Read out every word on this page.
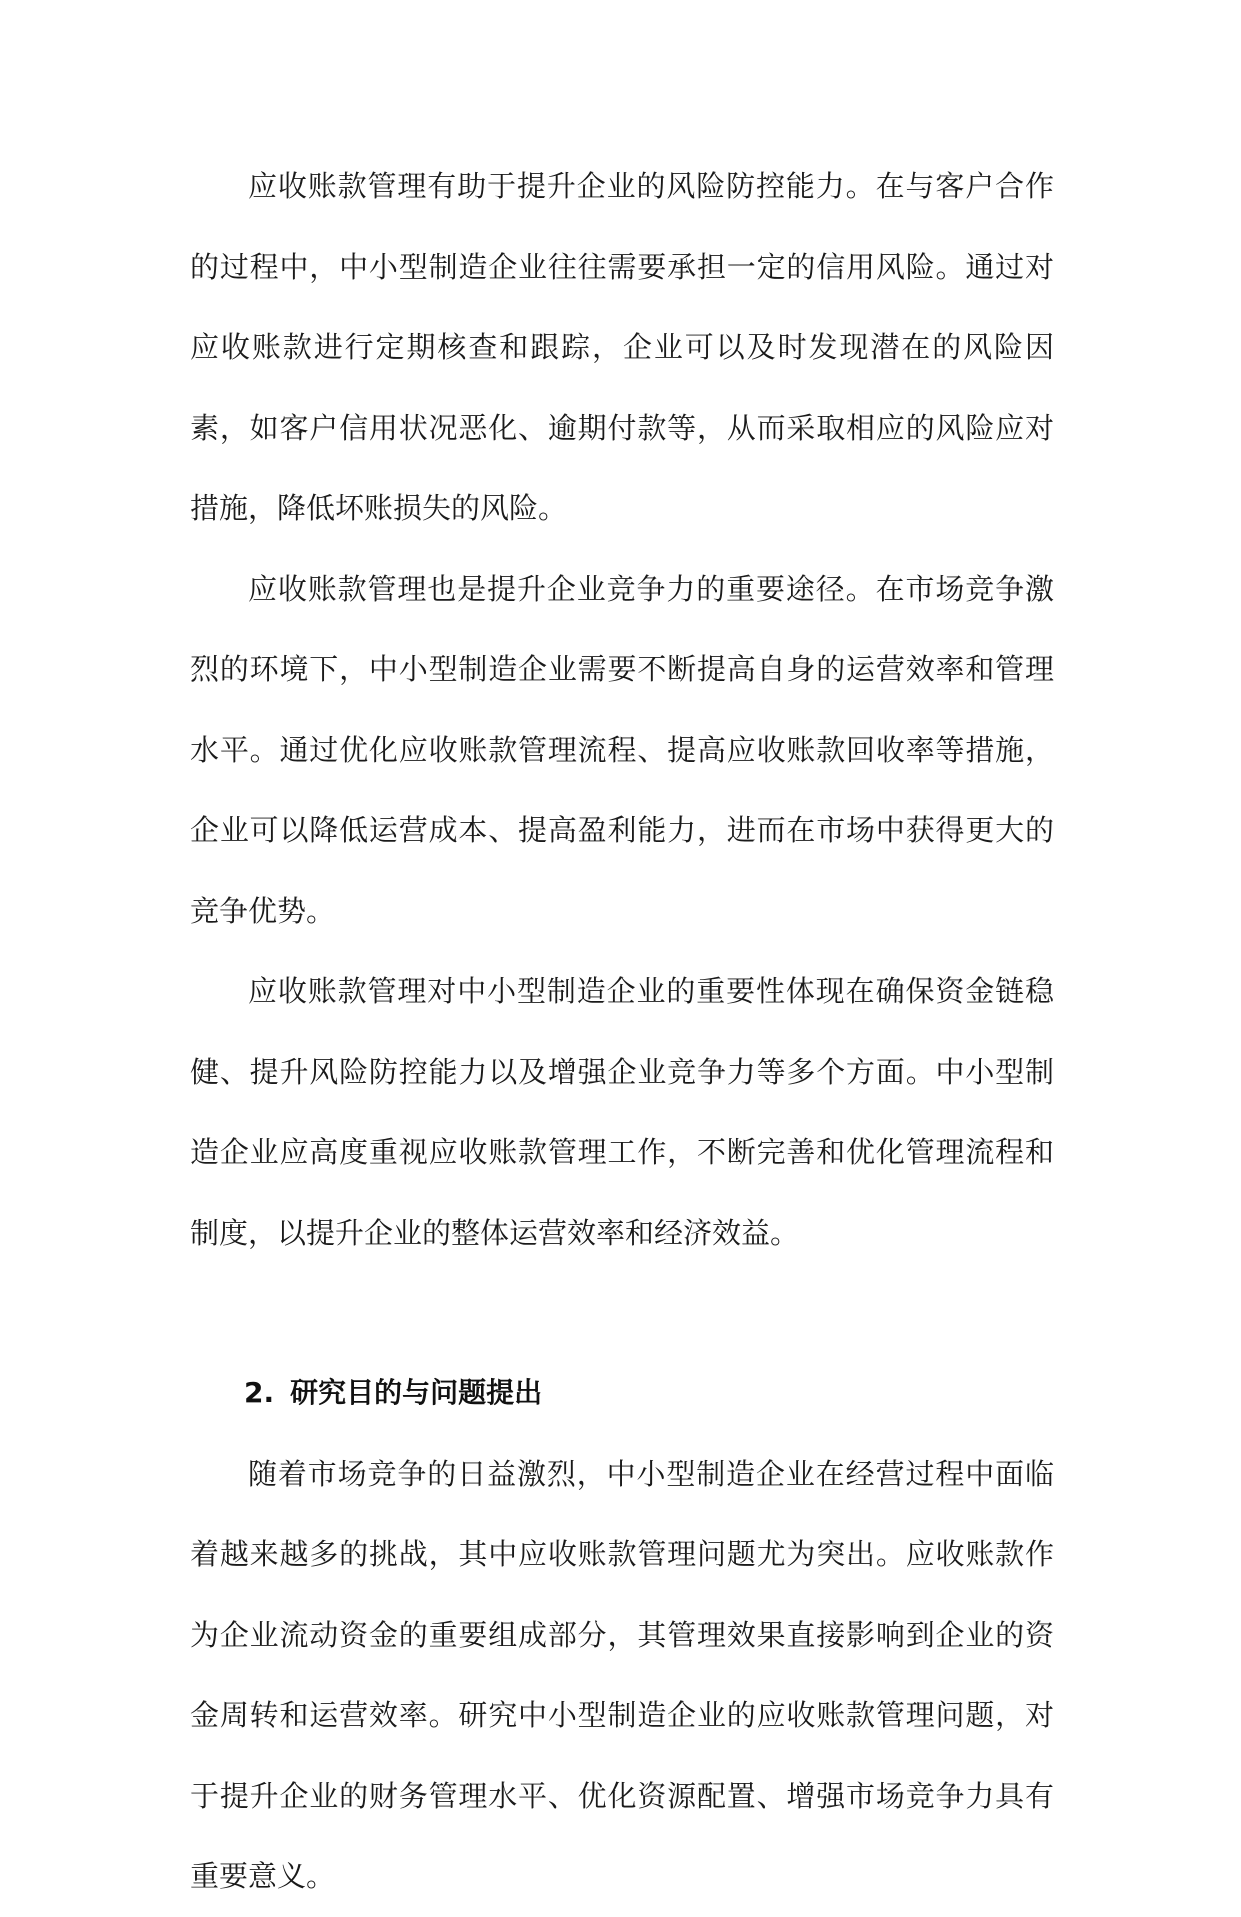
应收账款管理有助于提升企业的风险防控能力。在与客户合作的过程中，中小型制造企业往往需要承担一定的信用风险。通过对应收账款进行定期核查和跟踪，企业可以及时发现潜在的风险因素，如客户信用状况恶化、逾期付款等，从而采取相应的风险应对措施，降低坏账损失的风险。

应收账款管理也是提升企业竞争力的重要途径。在市场竞争激烈的环境下，中小型制造企业需要不断提高自身的运营效率和管理水平。通过优化应收账款管理流程、提高应收账款回收率等措施，企业可以降低运营成本、提高盈利能力，进而在市场中获得更大的竞争优势。

应收账款管理对中小型制造企业的重要性体现在确保资金链稳健、提升风险防控能力以及增强企业竞争力等多个方面。中小型制造企业应高度重视应收账款管理工作，不断完善和优化管理流程和制度，以提升企业的整体运营效率和经济效益。

2. 研究目的与问题提出

随着市场竞争的日益激烈，中小型制造企业在经营过程中面临着越来越多的挑战，其中应收账款管理问题尤为突出。应收账款作为企业流动资金的重要组成部分，其管理效果直接影响到企业的资金周转和运营效率。研究中小型制造企业的应收账款管理问题，对于提升企业的财务管理水平、优化资源配置、增强市场竞争力具有重要意义。
